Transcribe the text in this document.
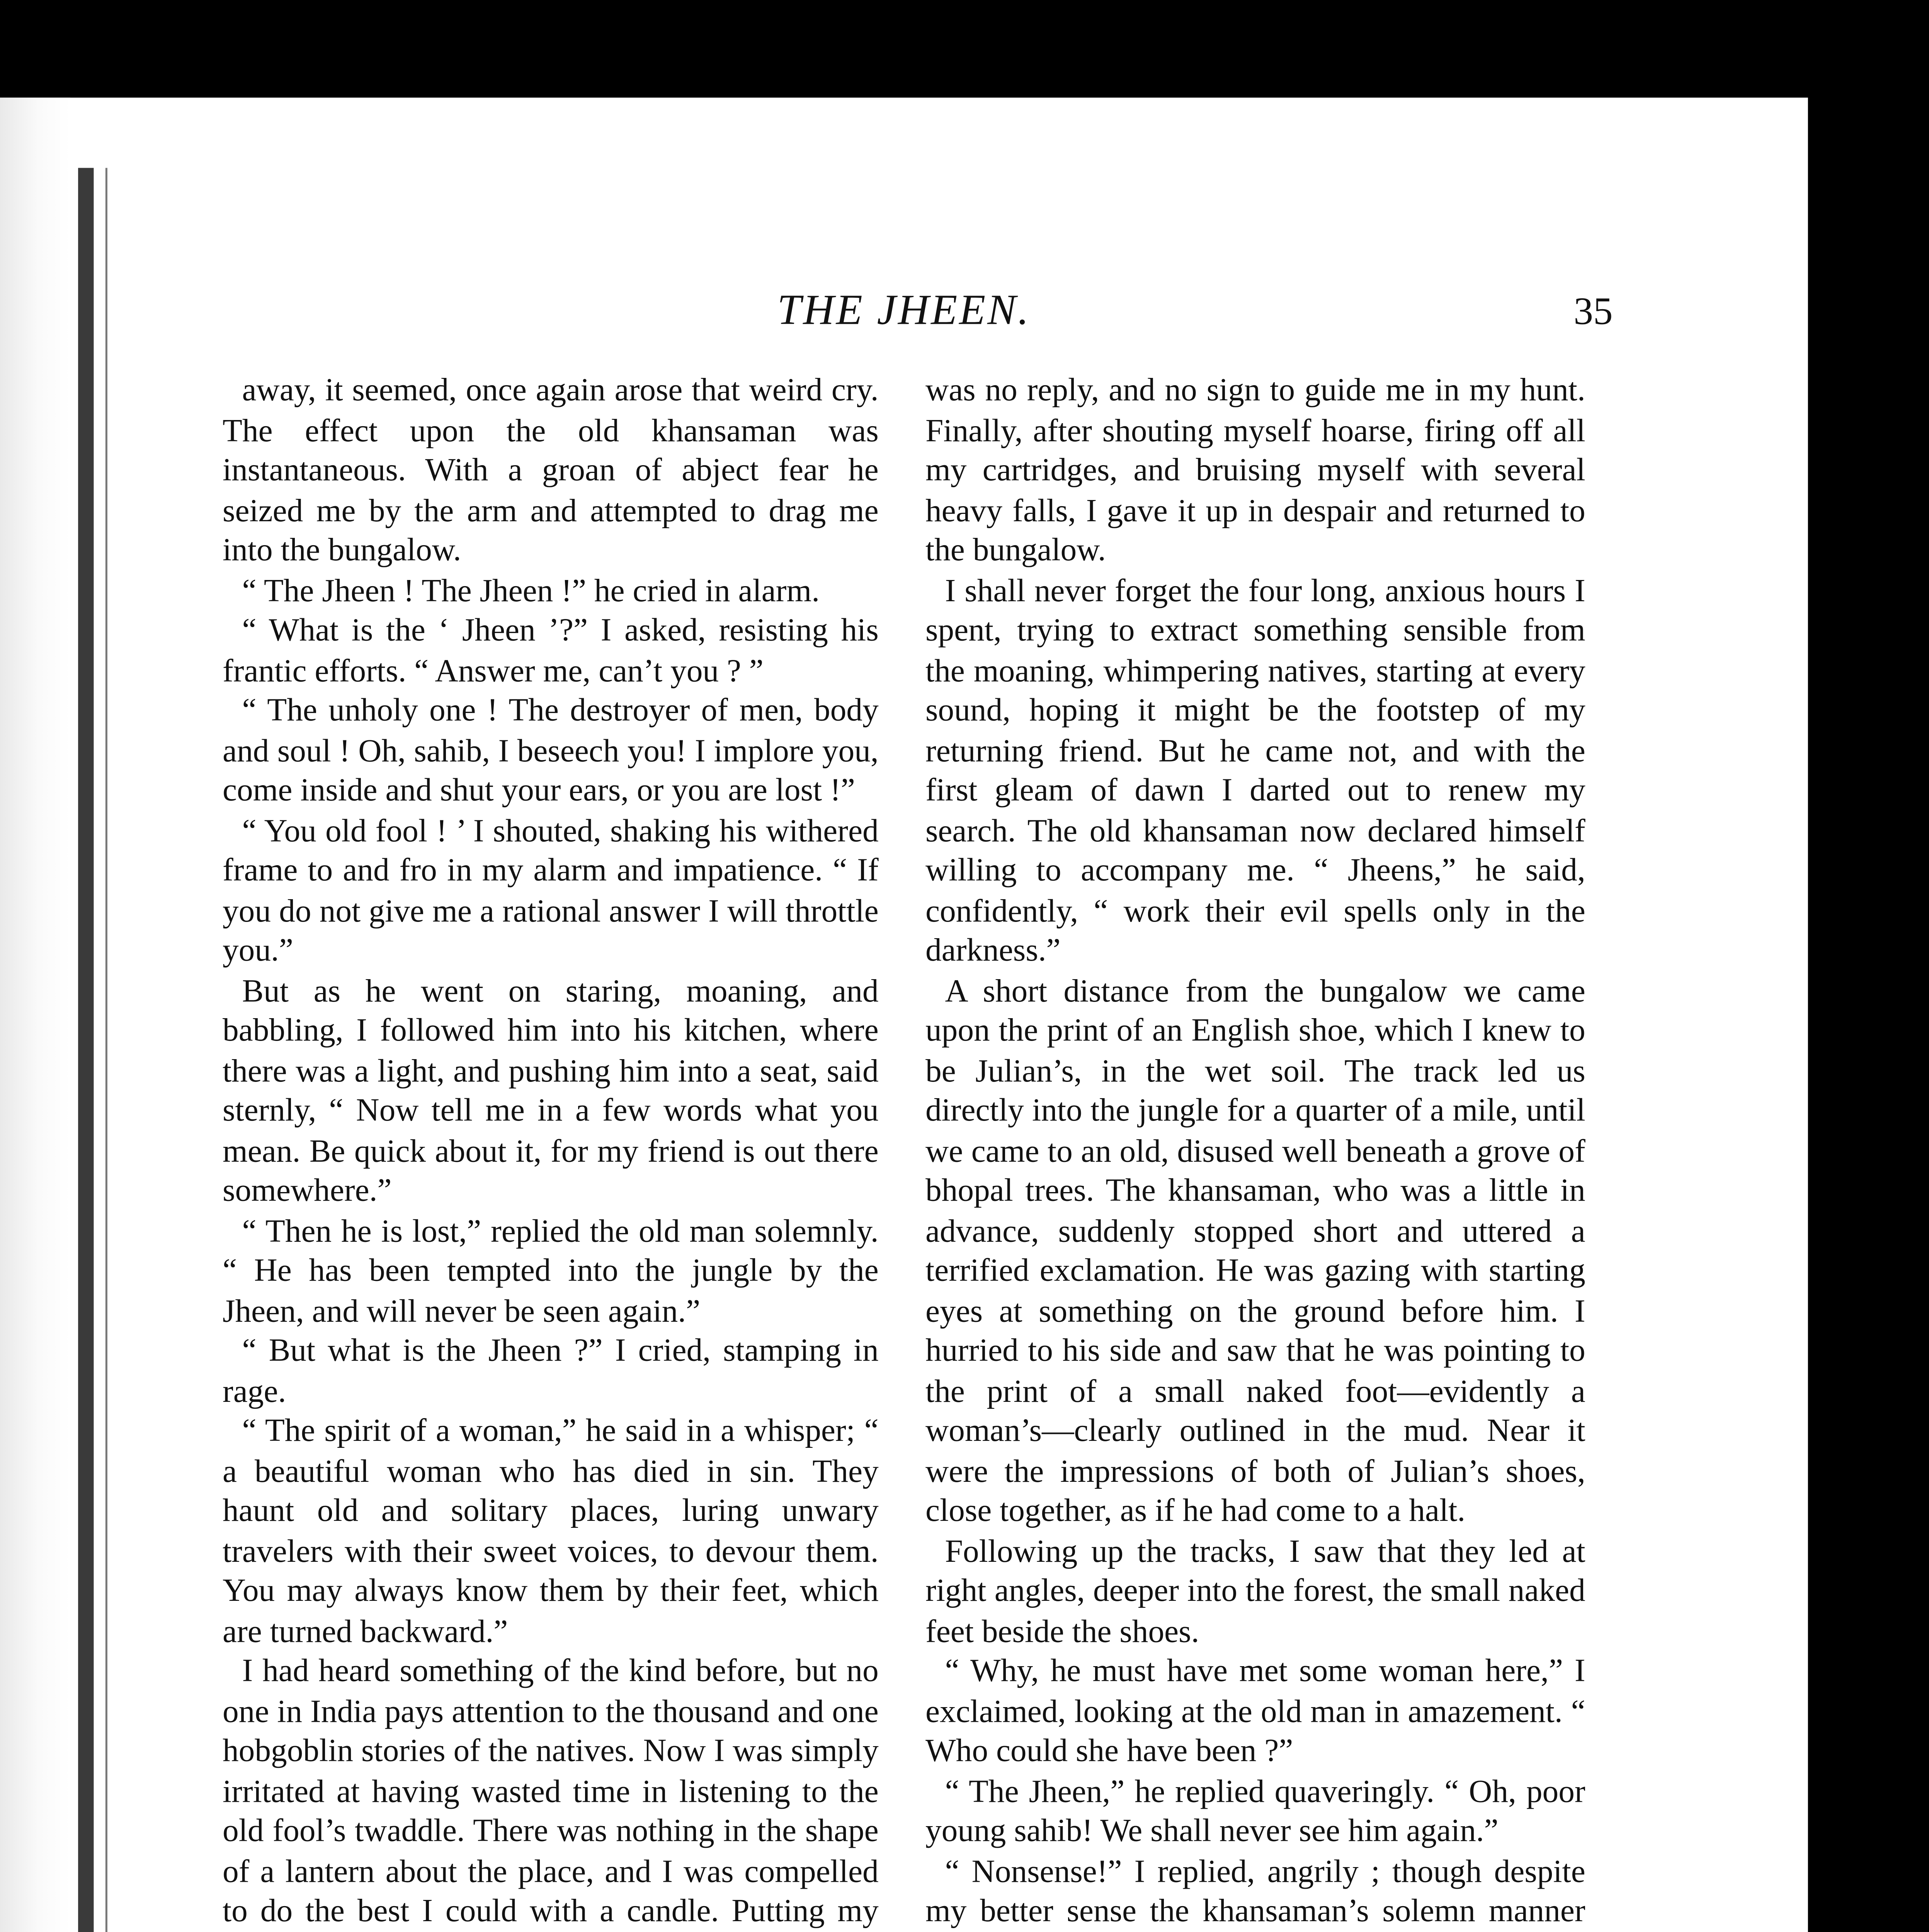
THE JHEEN.	35

away, it seemed, once again arose that weird cry. The effect upon the old khansaman was instantaneous. With a groan of abject fear he seized me by the arm and attempted to drag me into the bungalow.

“ The Jheen ! The Jheen !” he cried in alarm.

“ What is the ‘ Jheen ’?” I asked, resisting his frantic efforts. “ Answer me, can’t you ? ”

“ The unholy one ! The destroyer of men, body and soul ! Oh, sahib, I beseech you! I implore you, come inside and shut your ears, or you are lost !”

“ You old fool ! ’ I shouted, shaking his withered frame to and fro in my alarm and impatience. “ If you do not give me a rational answer I will throttle you.”

But as he went on staring, moaning, and babbling, I followed him into his kitchen, where there was a light, and pushing him into a seat, said sternly, “ Now tell me in a few words what you mean. Be quick about it, for my friend is out there somewhere.”

“ Then he is lost,” replied the old man solemnly. “ He has been tempted into the jungle by the Jheen, and will never be seen again.”

“ But what is the Jheen ?” I cried, stamping in rage.

“ The spirit of a woman,” he said in a whisper; “ a beautiful woman who has died in sin. They haunt old and solitary places, luring unwary travelers with their sweet voices, to devour them. You may always know them by their feet, which are turned backward.”

I had heard something of the kind before, but no one in India pays attention to the thousand and one hobgoblin stories of the natives. Now I was simply irritated at having wasted time in listening to the old fool’s twaddle. There was nothing in the shape of a lantern about the place, and I was compelled to do the best I could with a candle. Putting my

was no reply, and no sign to guide me in my hunt. Finally, after shouting myself hoarse, firing off all my cartridges, and bruising myself with several heavy falls, I gave it up in despair and returned to the bungalow.

I shall never forget the four long, anxious hours I spent, trying to extract something sensible from the moaning, whimpering natives, starting at every sound, hoping it might be the footstep of my returning friend. But he came not, and with the first gleam of dawn I darted out to renew my search. The old khansaman now declared himself willing to accompany me. “ Jheens,” he said, confidently, “ work their evil spells only in the darkness.”

A short distance from the bungalow we came upon the print of an English shoe, which I knew to be Julian’s, in the wet soil. The track led us directly into the jungle for a quarter of a mile, until we came to an old, disused well beneath a grove of bhopal trees. The khansaman, who was a little in advance, suddenly stopped short and uttered a terrified exclamation. He was gazing with starting eyes at something on the ground before him. I hurried to his side and saw that he was pointing to the print of a small naked foot—evidently a woman’s—clearly outlined in the mud. Near it were the impressions of both of Julian’s shoes, close together, as if he had come to a halt.

Following up the tracks, I saw that they led at right angles, deeper into the forest, the small naked feet beside the shoes.

“ Why, he must have met some woman here,” I exclaimed, looking at the old man in amazement. “ Who could she have been ?”

“ The Jheen,” he replied quaveringly. “ Oh, poor young sahib! We shall never see him again.”

“ Nonsense!” I replied, angrily ; though despite my better sense the khansaman’s solemn manner
